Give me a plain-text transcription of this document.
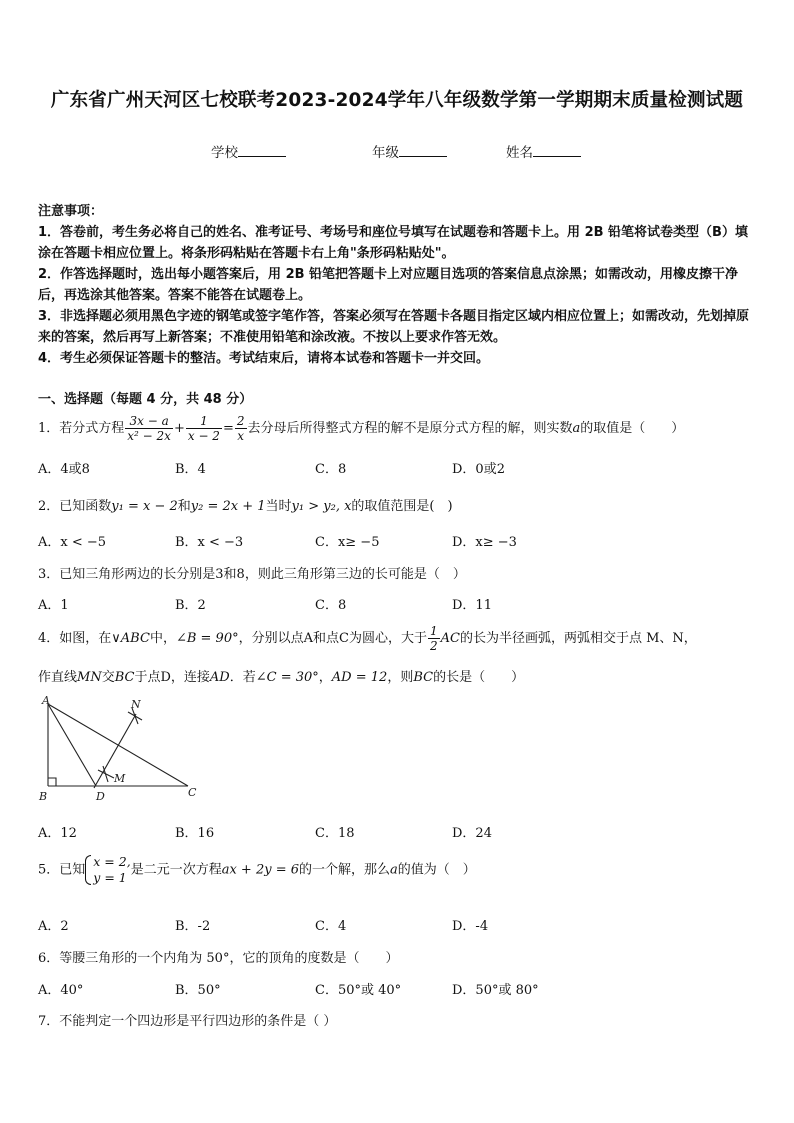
广东省广州天河区七校联考2023-2024学年八年级数学第一学期期末质量检测试题
学校	年级	姓名

注意事项：

1．答卷前，考生务必将自己的姓名、准考证号、考场号和座位号填写在试题卷和答题卡上。用 2B 铅笔将试卷类型（B）填涂在答题卡相应位置上。将条形码粘贴在答题卡右上角"条形码粘贴处"。

2．作答选择题时，选出每小题答案后，用 2B 铅笔把答题卡上对应题目选项的答案信息点涂黑；如需改动，用橡皮擦干净后，再选涂其他答案。答案不能答在试题卷上。

3．非选择题必须用黑色字迹的钢笔或签字笔作答，答案必须写在答题卡各题目指定区域内相应位置上；如需改动，先划掉原来的答案，然后再写上新答案；不准使用铅笔和涂改液。不按以上要求作答无效。

4．考生必须保证答题卡的整洁。考试结束后，请将本试卷和答题卡一并交回。

一、选择题（每题 4 分，共 48 分）
1．若分式方程 $\frac{3x - a}{\text{x² − 2x}} + \frac{1}{x - 2} = \frac{2}{x}$ 去分母后所得整式方程的解不是原分式方程的解，则实数a的取值是（　　）
A．4或8	B．4	C．8	D．0或2
2．已知函数y₁ = x − 2和y₂ = 2x + 1当时y₁ > y₂, x的取值范围是(　)
A．x < −5	B．x < −3	C．x≥ −5	D．x≥ −3
3．已知三角形两边的长分别是3和8，则此三角形第三边的长可能是（　）
A．1	B．2	C．8	D．11
4．如图，在∨ABC中，∠B = 90°，分别以点A和点C为圆心，大于 $\frac{1}{2}$ AC的长为半径画弧，两弧相交于点 M、N，
作直线MN交BC于点D，连接AD．若∠C = 30°，AD = 12，则BC的长是（　　）
A
B	D	C
M
N
A．12	B．16	C．18	D．24
5．已知
x = 2,
y = 1 是二元一次方程ax + 2y = 6的一个解，那么a的值为（　）
A．2	B．-2	C．4	D．-4
6．等腰三角形的一个内角为 50°，它的顶角的度数是（　　）
A．40°	B．50°	C．50°或 40°	D．50°或 80°
7．不能判定一个四边形是平行四边形的条件是（ ）
